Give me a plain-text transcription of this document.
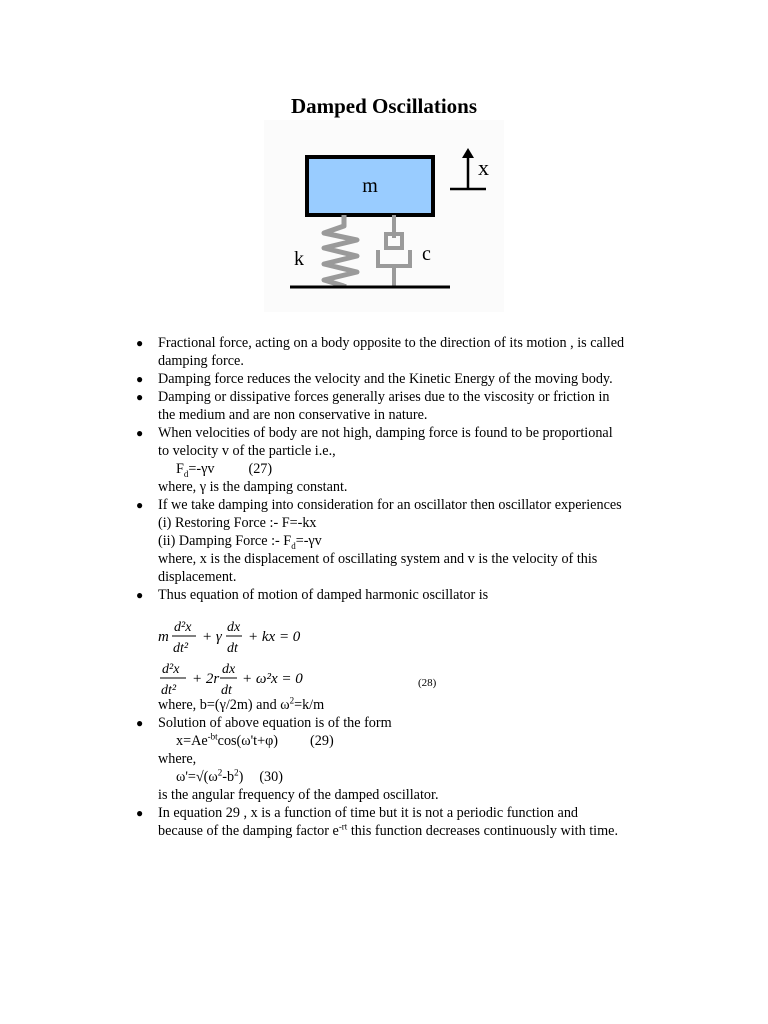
Damped Oscillations
m
k	c
x
● Fractional force, acting on a body opposite to the direction of its motion , is called
damping force.
● Damping force reduces the velocity and the Kinetic Energy of the moving body.
● Damping or dissipative forces generally arises due to the viscosity or friction in
the medium and are non conservative in nature.
● When velocities of body are not high, damping force is found to be proportional
to velocity v of the particle i.e.,
$F_d=-\gamma v$ (27)
where, γ is the damping constant.
● If we take damping into consideration for an oscillator then oscillator experiences
(i) Restoring Force :- F=-kx
(ii) Damping Force :- $F_d=-\gamma v$
where, x is the displacement of oscillating system and v is the velocity of this
displacement.
● Thus equation of motion of damped harmonic oscillator is
m
d²x
dt²
+ γ
dx
dt
+ kx = 0
d²x
dt²
+ 2r
dx
dt
+ ω²x = 0	(28)
where, b=(γ/2m) and $\omega^2=k/m$
● Solution of above equation is of the form
$x=Ae^{-bt}\cos(\omega't+\varphi)$ (29)
where,
$\omega'=√(\omega^2-b^2)$ (30)
is the angular frequency of the damped oscillator.
● In equation 29 , x is a function of time but it is not a periodic function and
because of the damping factor $e^{-rt}$ this function decreases continuously with time.
